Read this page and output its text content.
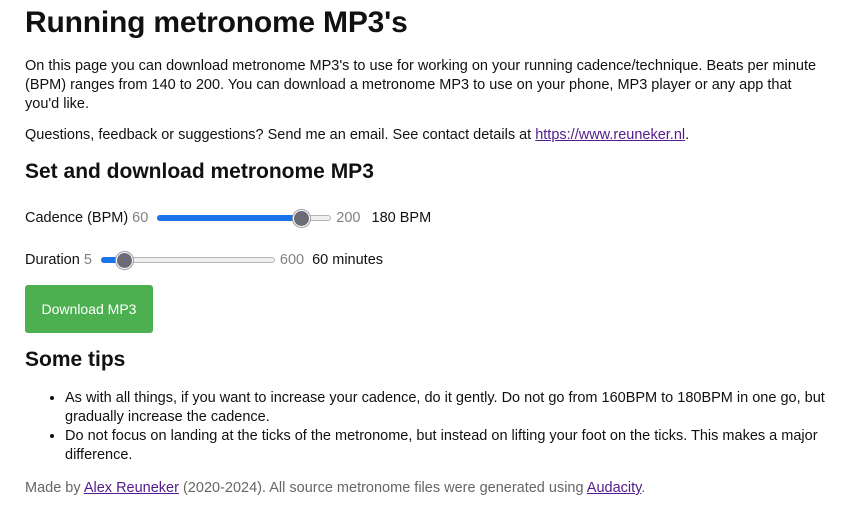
Running metronome MP3's

On this page you can download metronome MP3's to use for working on your running cadence/technique. Beats per minute (BPM) ranges from 140 to 200. You can download a metronome MP3 to use on your phone, MP3 player or any app that you'd like.

Questions, feedback or suggestions? Send me an email. See contact details at https://www.reuneker.nl.

Set and download metronome MP3
Cadence (BPM) 60	200 180 BPM
Duration 5	600 60 minutes
Download MP3
Some tips
• As with all things, if you want to increase your cadence, do it gently. Do not go from 160BPM to 180BPM in one go, but gradually increase the cadence.
• Do not focus on landing at the ticks of the metronome, but instead on lifting your foot on the ticks. This makes a major difference.

Made by Alex Reuneker (2020-2024). All source metronome files were generated using Audacity.
